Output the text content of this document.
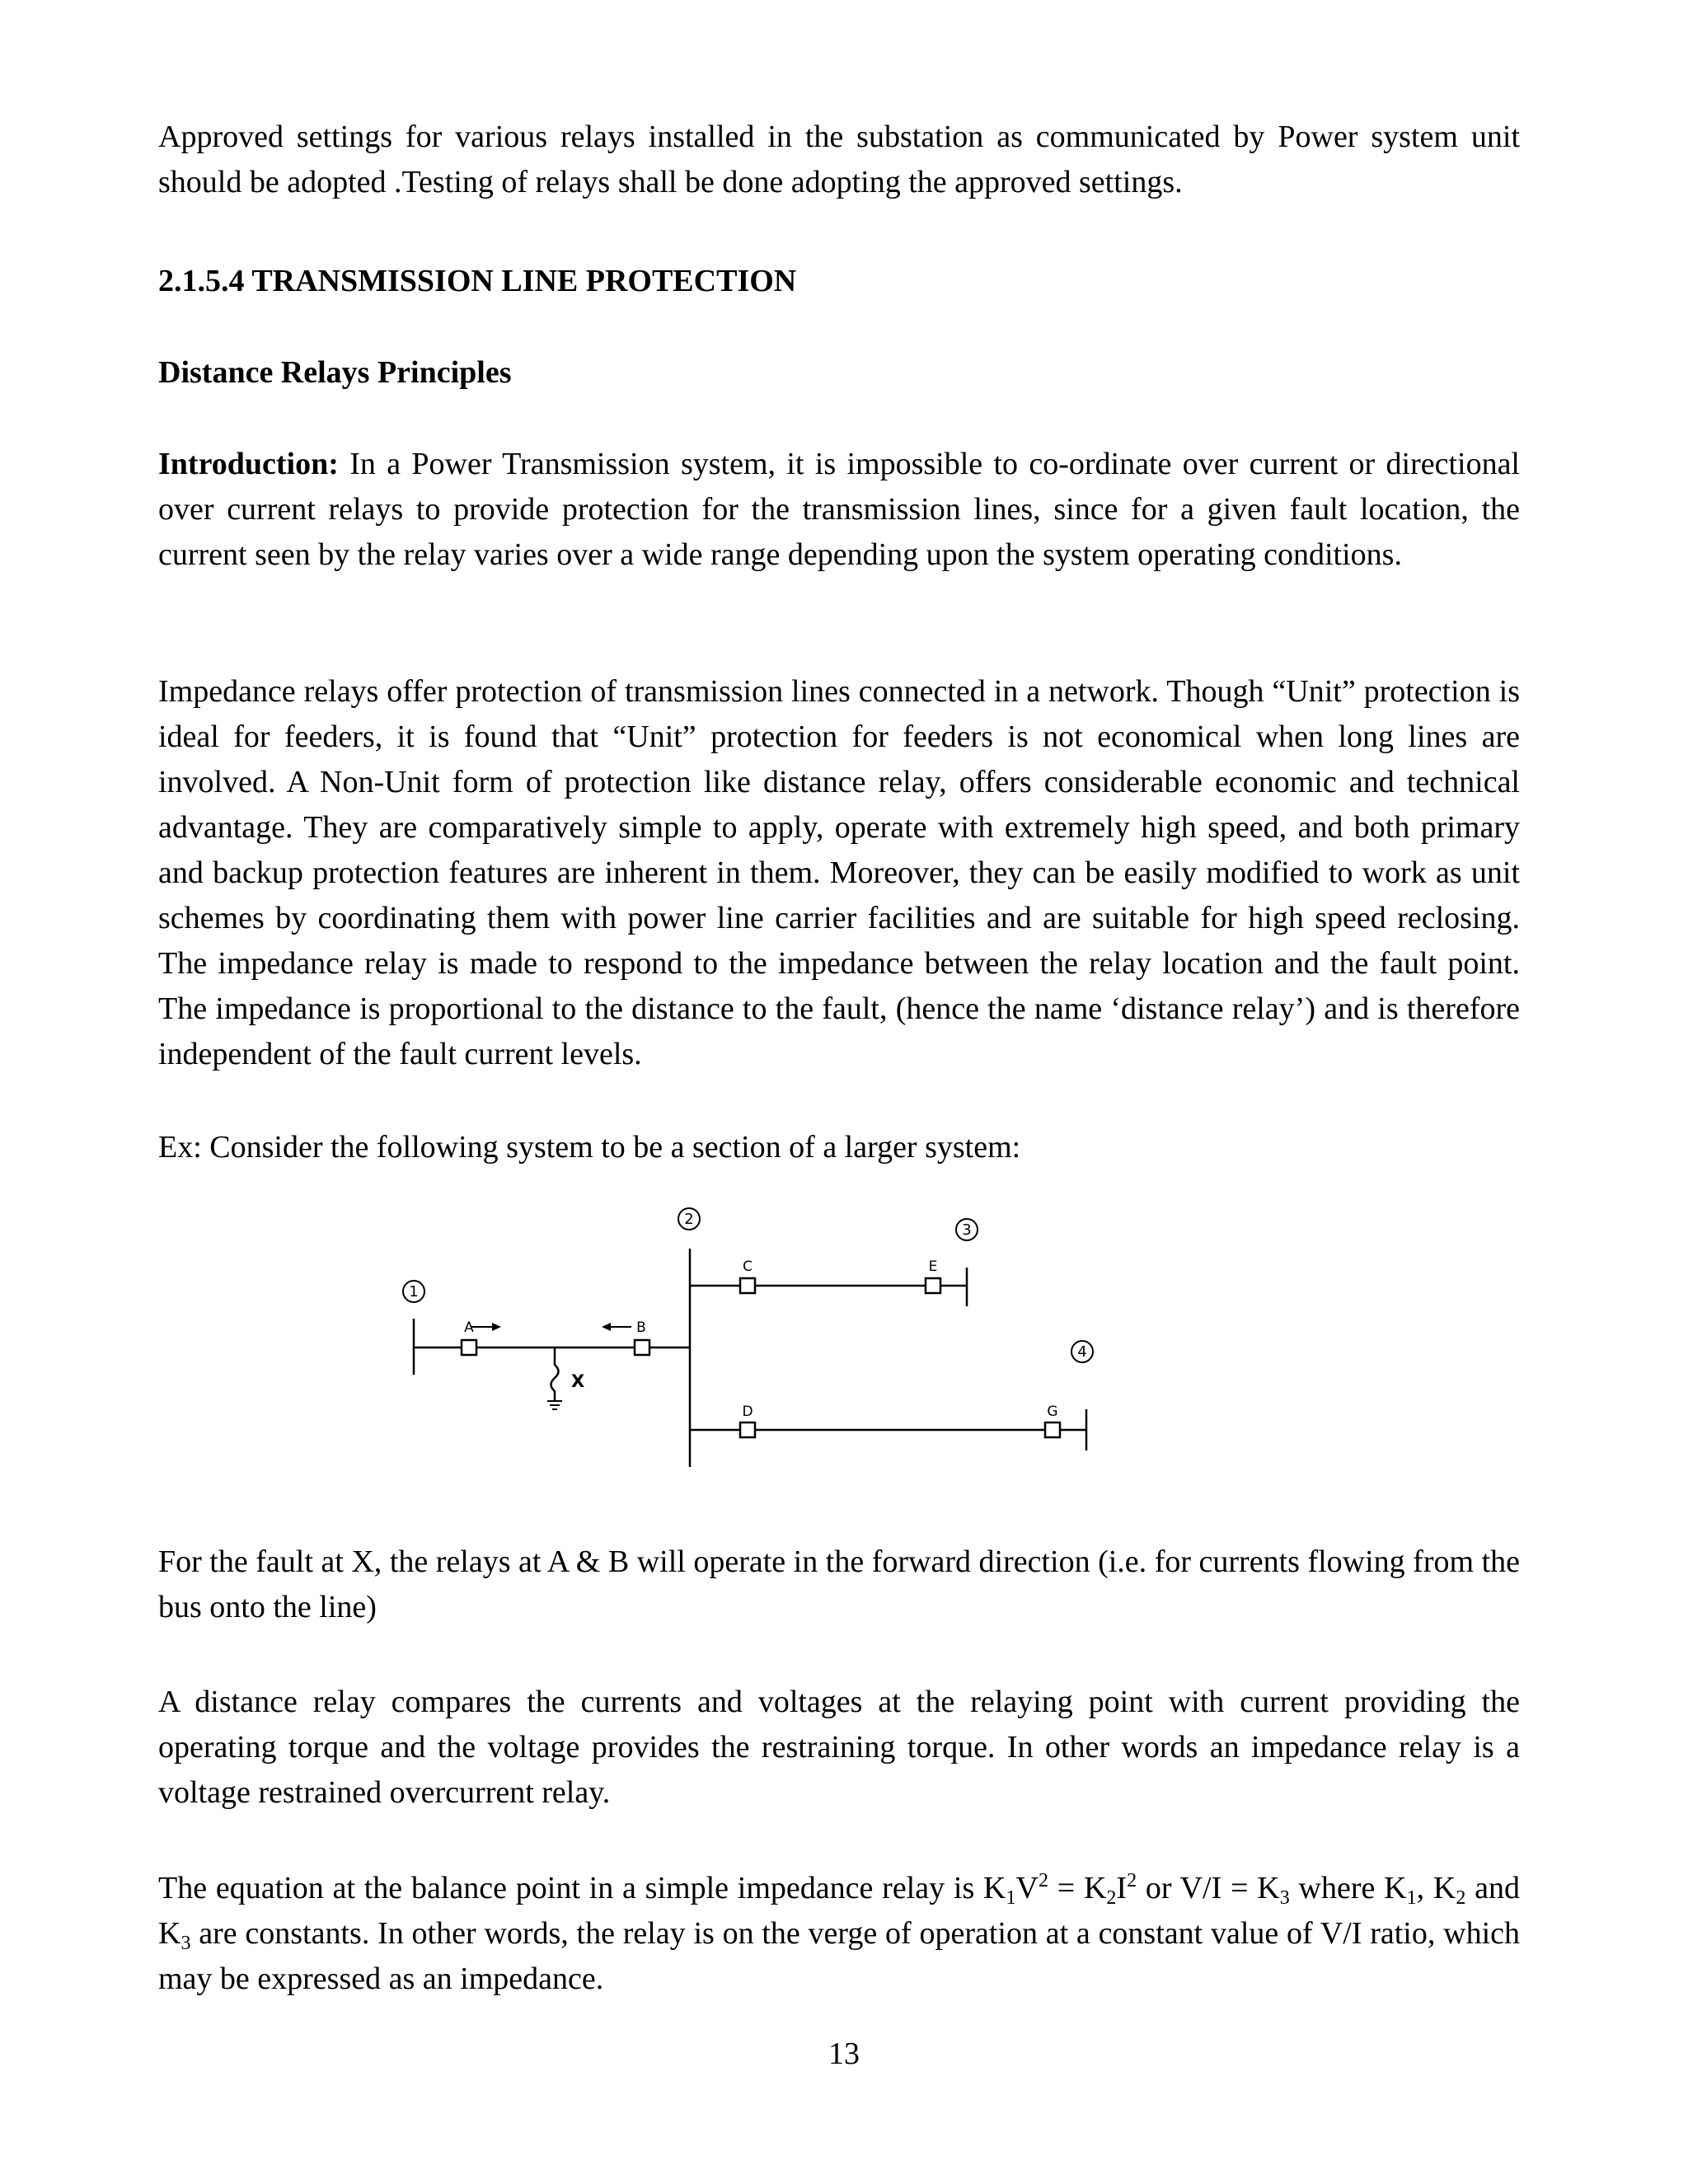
Approved settings for various relays installed in the substation as communicated by Power system unit should be adopted .Testing of relays shall be done adopting the approved settings.

2.1.5.4 TRANSMISSION LINE PROTECTION

Distance Relays Principles

Introduction: In a Power Transmission system, it is impossible to co-ordinate over current or directional over current relays to provide protection for the transmission lines, since for a given fault location, the current seen by the relay varies over a wide range depending upon the system operating conditions.

Impedance relays offer protection of transmission lines connected in a network. Though “Unit” protection is ideal for feeders, it is found that “Unit” protection for feeders is not economical when long lines are involved. A Non-Unit form of protection like distance relay, offers considerable economic and technical advantage. They are comparatively simple to apply, operate with extremely high speed, and both primary and backup protection features are inherent in them. Moreover, they can be easily modified to work as unit schemes by coordinating them with power line carrier facilities and are suitable for high speed reclosing. The impedance relay is made to respond to the impedance between the relay location and the fault point. The impedance is proportional to the distance to the fault, (hence the name ‘distance relay’) and is therefore independent of the fault current levels.

Ex: Consider the following system to be a section of a larger system:

1
2
3
4
A	B
C
D
E
G
X

For the fault at X, the relays at A & B will operate in the forward direction (i.e. for currents flowing from the bus onto the line)

A distance relay compares the currents and voltages at the relaying point with current providing the operating torque and the voltage provides the restraining torque. In other words an impedance relay is a voltage restrained overcurrent relay.

The equation at the balance point in a simple impedance relay is $K_1V^2 = K_2I^2$ or $V/I = K_3$ where $K_1$, $K_2$ and $K_3$ are constants. In other words, the relay is on the verge of operation at a constant value of V/I ratio, which may be expressed as an impedance.

13
